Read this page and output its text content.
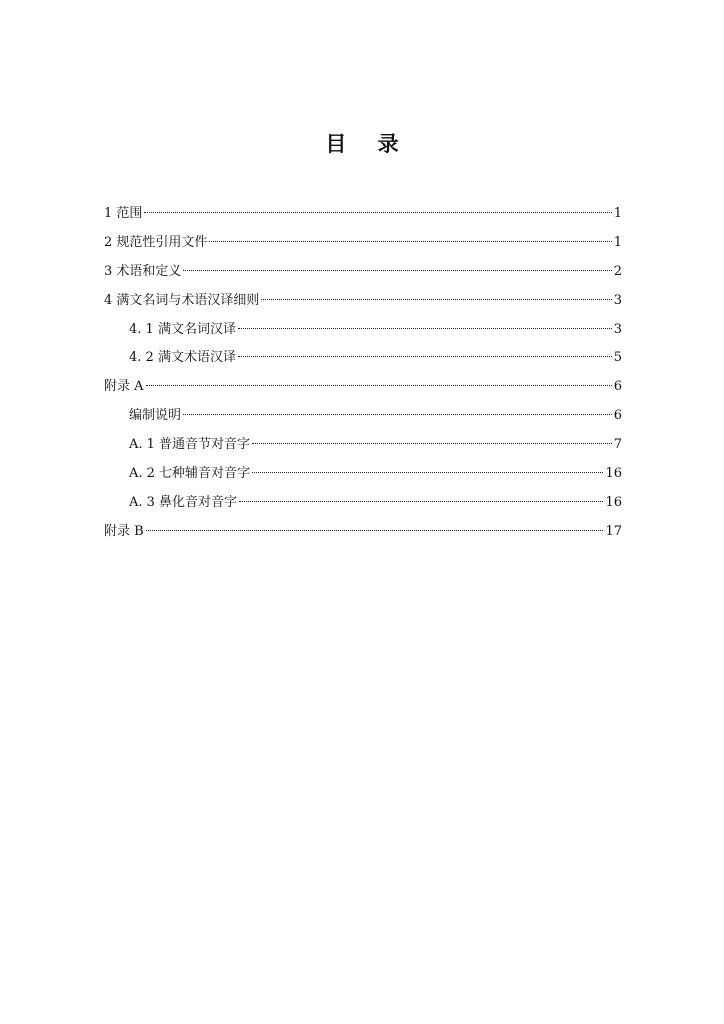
目 录
1 范围	1
2 规范性引用文件	1
3 术语和定义	2
4 满文名词与术语汉译细则	3
4. 1 满文名词汉译	3
4. 2 满文术语汉译	5
附录 A	6
编制说明	6
A. 1 普通音节对音字	7
A. 2 七种辅音对音字	16
A. 3 鼻化音对音字	16
附录 B	17
